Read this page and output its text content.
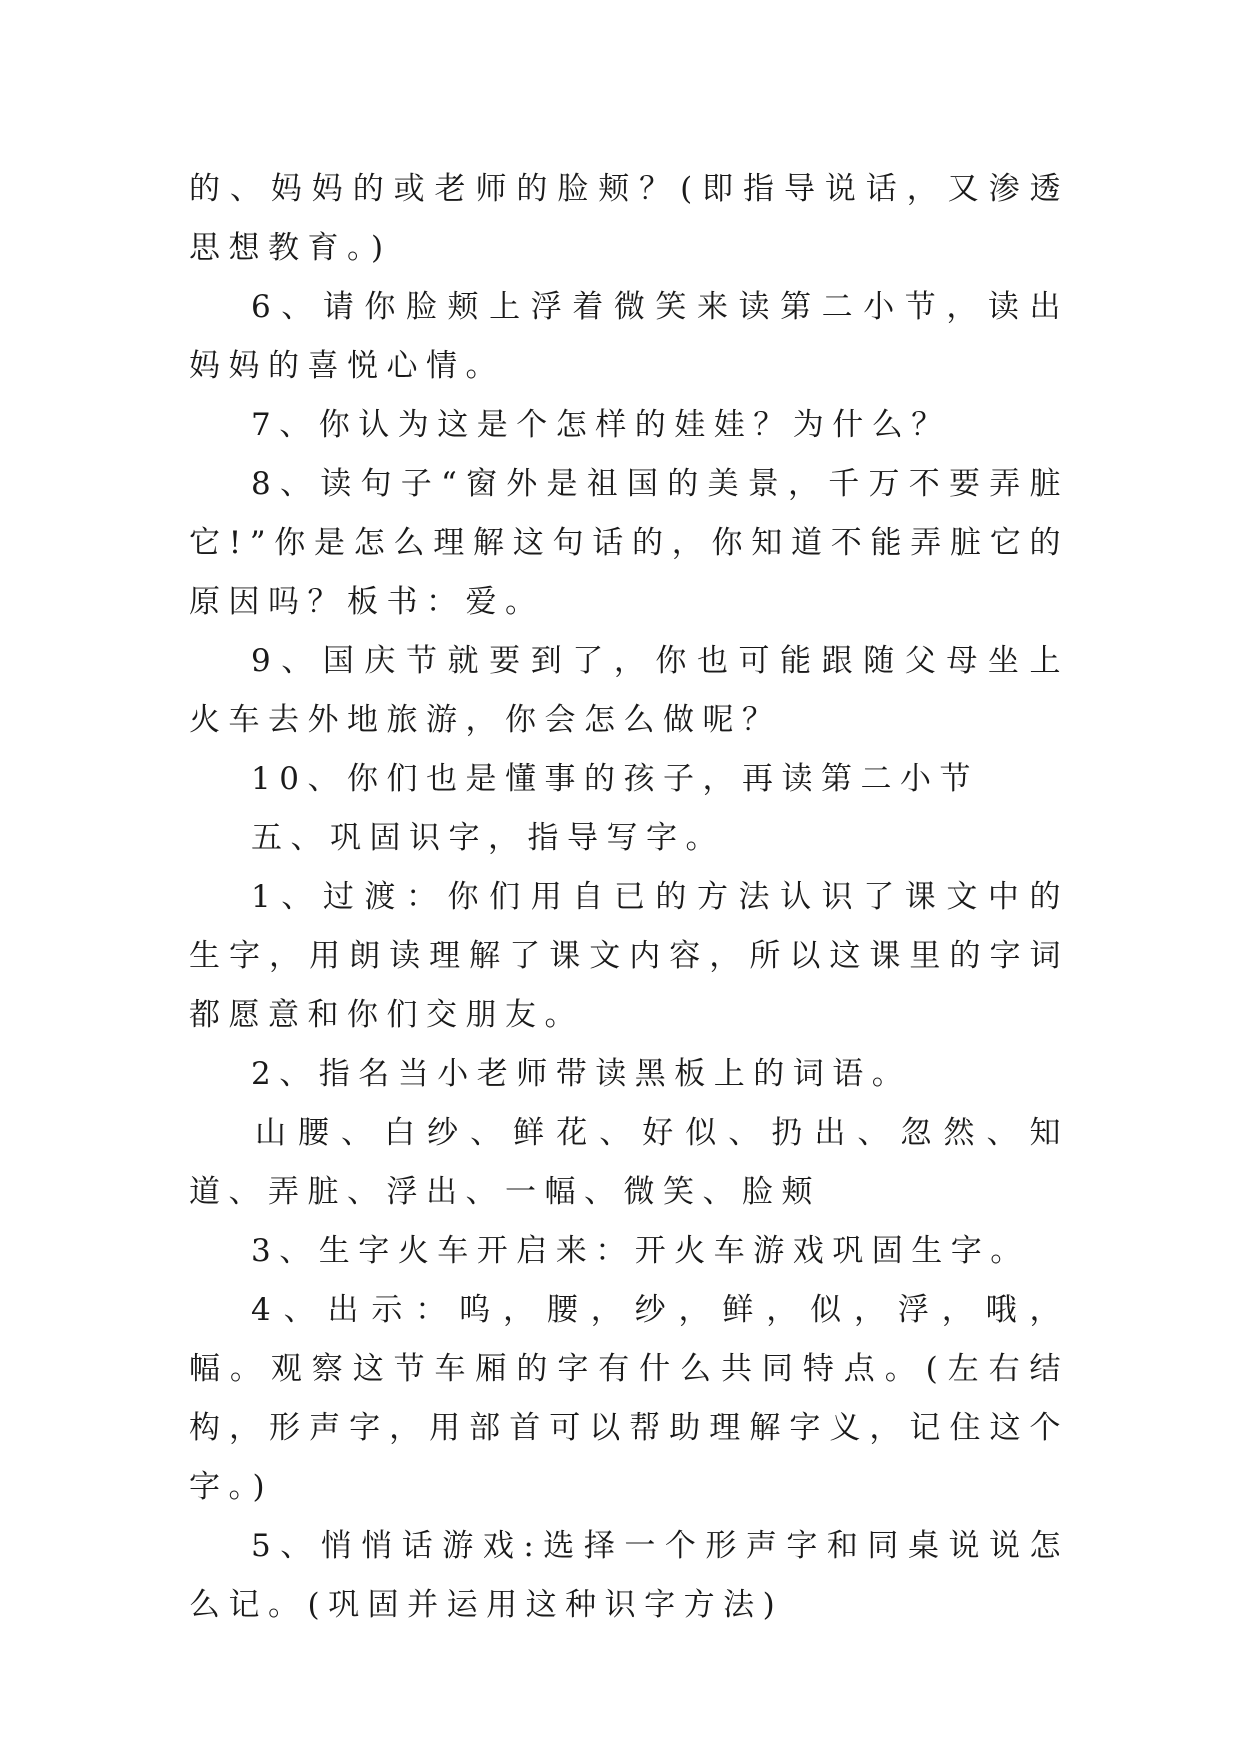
的、妈妈的或老师的脸颊？(即指导说话，又渗透思想教育。)

6、请你脸颊上浮着微笑来读第二小节，读出妈妈的喜悦心情。

7、你认为这是个怎样的娃娃？为什么？

8、读句子“窗外是祖国的美景，千万不要弄脏它!”你是怎么理解这句话的，你知道不能弄脏它的原因吗？板书：爱。

9、国庆节就要到了，你也可能跟随父母坐上火车去外地旅游，你会怎么做呢？

10、你们也是懂事的孩子，再读第二小节

五、巩固识字，指导写字。

1、过渡：你们用自已的方法认识了课文中的生字，用朗读理解了课文内容，所以这课里的字词都愿意和你们交朋友。

2、指名当小老师带读黑板上的词语。

山腰、白纱、鲜花、好似、扔出、忽然、知道、弄脏、浮出、一幅、微笑、脸颊

3、生字火车开启来：开火车游戏巩固生字。

4、出示：呜，腰，纱，鲜，似，浮，哦，幅。观察这节车厢的字有什么共同特点。(左右结构，形声字，用部首可以帮助理解字义，记住这个字。)

5、悄悄话游戏:选择一个形声字和同桌说说怎么记。(巩固并运用这种识字方法)
